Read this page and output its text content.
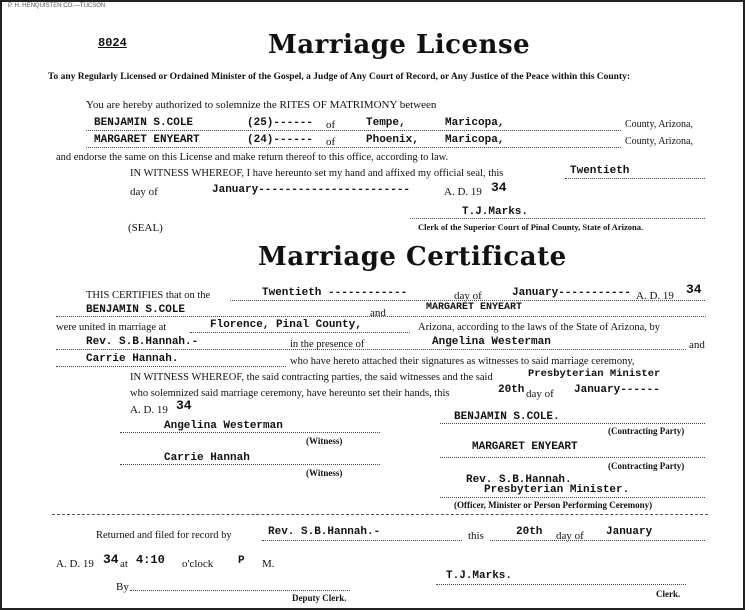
P. H. HENQUISTEN CO.—TUCSON
8024	Marriage License
To any Regularly Licensed or Ordained Minister of the Gospel, a Judge of Any Court of Record, or Any Justice of the Peace within this County:
You are hereby authorized to solemnize the RITES OF MATRIMONY between
BENJAMIN S.COLE	(25)------ of	Tempe,	Maricopa,	County, Arizona,
MARGARET ENYEART	(24)------ of	Phoenix, Maricopa,	County, Arizona,
and endorse the same on this License and make return thereof to this office, according to law.
IN WITNESS WHEREOF, I have hereunto set my hand and affixed my official seal, this	Twentieth
day of	January-----------------------	A. D. 19 34
T.J.Marks.
(SEAL)	Clerk of the Superior Court of Pinal County, State of Arizona.
Marriage Certificate
THIS CERTIFIES that on the	Twentieth ------------	day of	January----------- A. D. 19 34
BENJAMIN S.COLE	and	MARGARET ENYEART
were united in marriage at	Florence, Pinal County,	Arizona, according to the laws of the State of Arizona, by
Rev. S.B.Hannah.-	in the presence of	Angelina Westerman	and
Carrie Hannah.	who have hereto attached their signatures as witnesses to said marriage ceremony,
IN WITNESS WHEREOF, the said contracting parties, the said witnesses and the said	Presbyterian Minister
who solemnized said marriage ceremony, have hereunto set their hands, this	20th day of January------
A. D. 19 34
Angelina Westerman
(Witness)
Carrie Hannah
(Witness)
BENJAMIN S.COLE.
(Contracting Party)
MARGARET ENYEART
(Contracting Party)
Rev. S.B.Hannah.
Presbyterian Minister.
(Officer, Minister or Person Performing Ceremony)
Returned and filed for record by	Rev. S.B.Hannah.-	this	20th day of January
A. D. 19 34 at 4:10 o'clock P M.
T.J.Marks.
By
Deputy Clerk.	Clerk.
